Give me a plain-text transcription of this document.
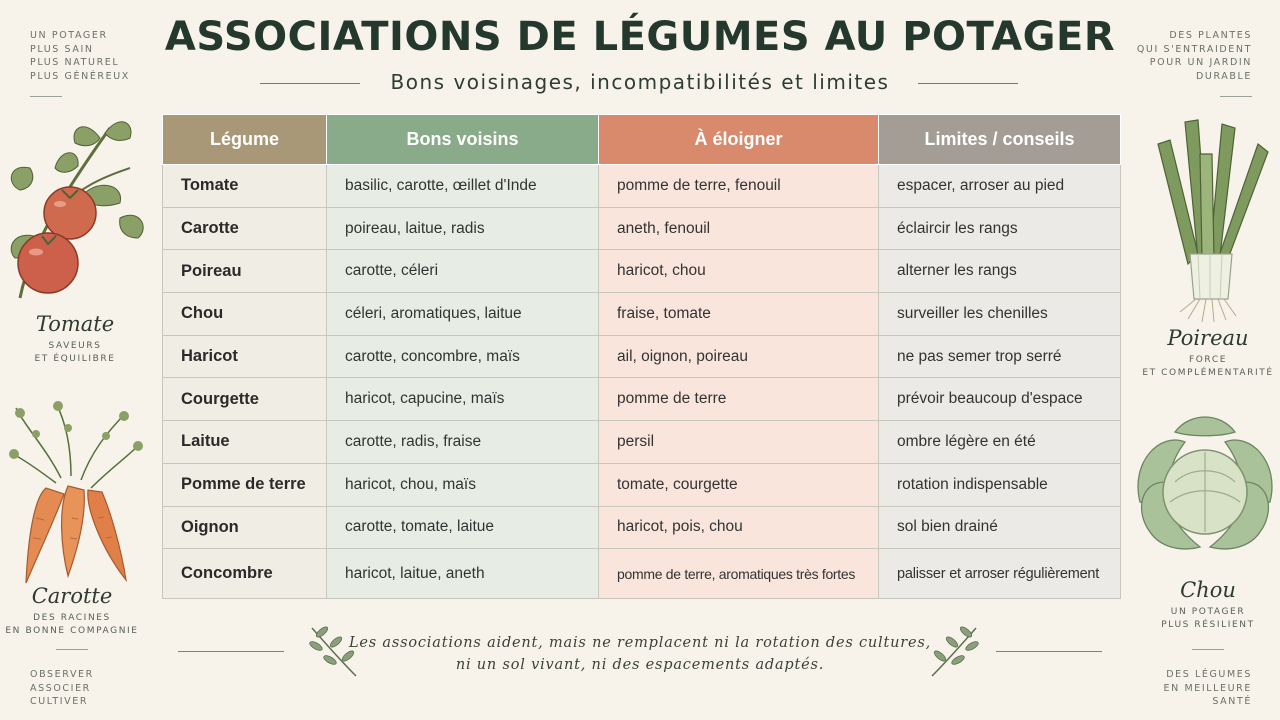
ASSOCIATIONS DE LÉGUMES AU POTAGER
Bons voisinages, incompatibilités et limites
UN POTAGER
PLUS SAIN
PLUS NATUREL
PLUS GÉNÉREUX
DES PLANTES
QUI S'ENTRAIDENT
POUR UN JARDIN
DURABLE
OBSERVER
ASSOCIER
CULTIVER
DES LÉGUMES
EN MEILLEURE
SANTÉ
Tomate
SAVEURS
ET ÉQUILIBRE
Carotte
DES RACINES
EN BONNE COMPAGNIE
Poireau
FORCE
ET COMPLÉMENTARITÉ
Chou
UN POTAGER
PLUS RÉSILIENT
Légume	Bons voisins	À éloigner	Limites / conseils
Tomate	basilic, carotte, œillet d'Inde	pomme de terre, fenouil	espacer, arroser au pied
Carotte	poireau, laitue, radis	aneth, fenouil	éclaircir les rangs
Poireau	carotte, céleri	haricot, chou	alterner les rangs
Chou	céleri, aromatiques, laitue	fraise, tomate	surveiller les chenilles
Haricot	carotte, concombre, maïs	ail, oignon, poireau	ne pas semer trop serré
Courgette	haricot, capucine, maïs	pomme de terre	prévoir beaucoup d'espace
Laitue	carotte, radis, fraise	persil	ombre légère en été
Pomme de terre	haricot, chou, maïs	tomate, courgette	rotation indispensable
Oignon	carotte, tomate, laitue	haricot, pois, chou	sol bien drainé
Concombre	haricot, laitue, aneth	pomme de terre, aromatiques très fortes	palisser et arroser régulièrement
Les associations aident, mais ne remplacent ni la rotation des cultures,
ni un sol vivant, ni des espacements adaptés.
